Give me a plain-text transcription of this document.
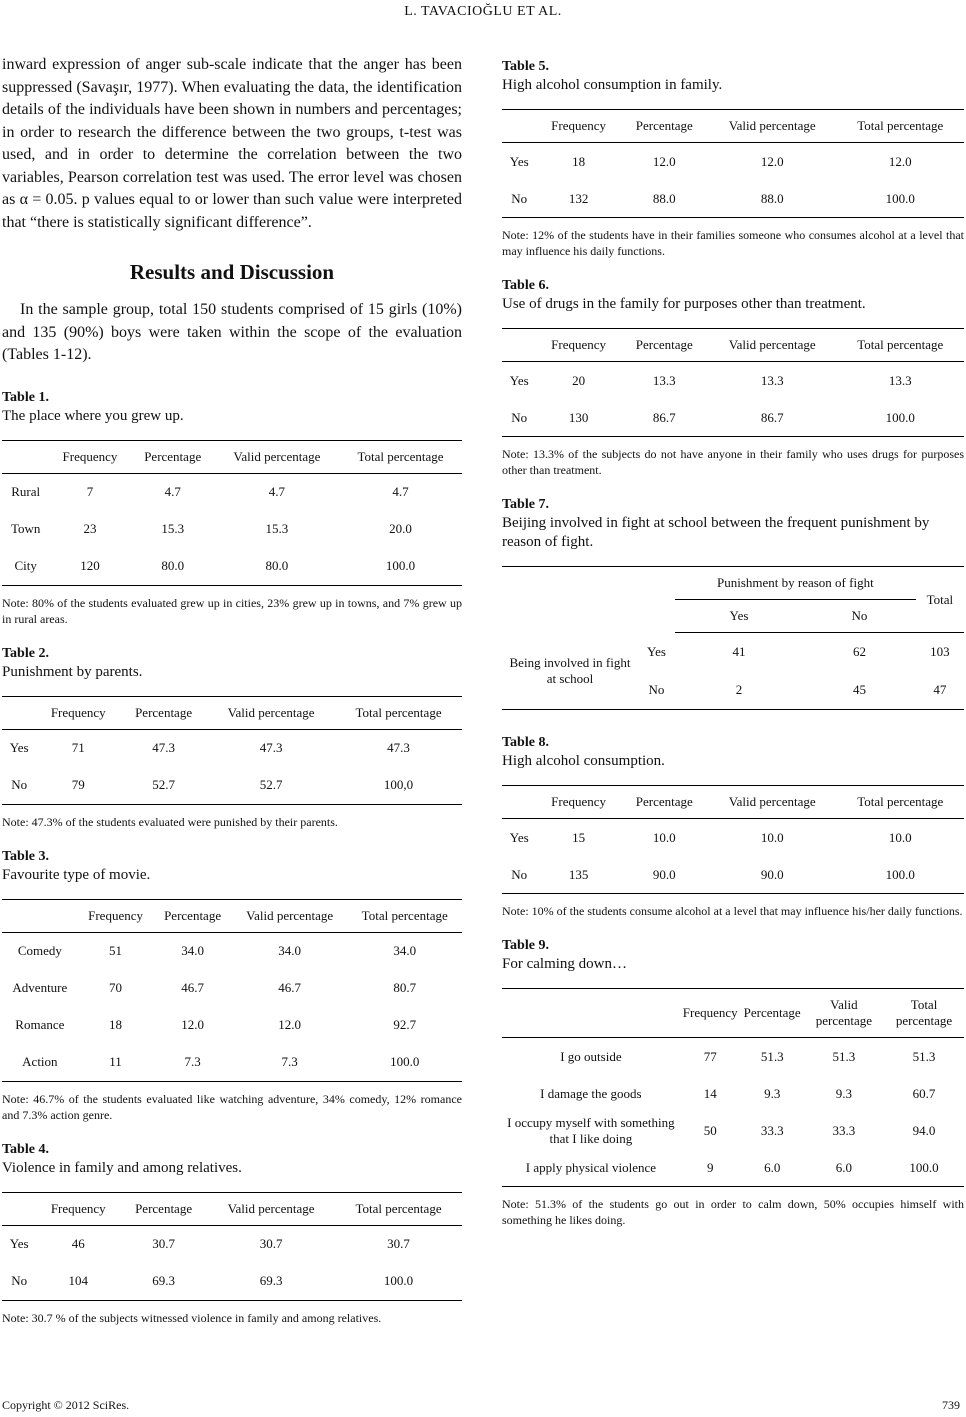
L. TAVACIOĞLU ET AL.

inward expression of anger sub-scale indicate that the anger has been suppressed (Savaşır, 1977). When evaluating the data, the identification details of the individuals have been shown in numbers and percentages; in order to research the difference between the two groups, t-test was used, and in order to determine the correlation between the two variables, Pearson correlation test was used. The error level was chosen as α = 0.05. p values equal to or lower than such value were interpreted that “there is statistically significant difference”.

Results and Discussion

In the sample group, total 150 students comprised of 15 girls (10%) and 135 (90%) boys were taken within the scope of the evaluation (Tables 1-12).

Table 1.
The place where you grew up.
	Frequency	Percentage	Valid percentage	Total percentage
Rural	7	4.7	4.7	4.7
Town	23	15.3	15.3	20.0
City	120	80.0	80.0	100.0
Note: 80% of the students evaluated grew up in cities, 23% grew up in towns, and 7% grew up in rural areas.
Table 2.
Punishment by parents.
	Frequency	Percentage	Valid percentage	Total percentage
Yes	71	47.3	47.3	47.3
No	79	52.7	52.7	100,0
Note: 47.3% of the students evaluated were punished by their parents.
Table 3.
Favourite type of movie.
	Frequency	Percentage	Valid percentage	Total percentage
Comedy	51	34.0	34.0	34.0
Adventure	70	46.7	46.7	80.7
Romance	18	12.0	12.0	92.7
Action	11	7.3	7.3	100.0
Note: 46.7% of the students evaluated like watching adventure, 34% comedy, 12% romance and 7.3% action genre.
Table 4.
Violence in family and among relatives.
	Frequency	Percentage	Valid percentage	Total percentage
Yes	46	30.7	30.7	30.7
No	104	69.3	69.3	100.0
Note: 30.7 % of the subjects witnessed violence in family and among relatives.
Table 5.
High alcohol consumption in family.
	Frequency	Percentage	Valid percentage	Total percentage
Yes	18	12.0	12.0	12.0
No	132	88.0	88.0	100.0
Note: 12% of the students have in their families someone who consumes alcohol at a level that may influence his daily functions.
Table 6.
Use of drugs in the family for purposes other than treatment.
	Frequency	Percentage	Valid percentage	Total percentage
Yes	20	13.3	13.3	13.3
No	130	86.7	86.7	100.0
Note: 13.3% of the subjects do not have anyone in their family who uses drugs for purposes other than treatment.
Table 7.
Beijing involved in fight at school between the frequent punishment by reason of fight.
		Punishment by reason of fight		Total
		Yes	No	
Being involved in fight at school	Yes	41	62	103
	No	2	45	47
Table 8.
High alcohol consumption.
	Frequency	Percentage	Valid percentage	Total percentage
Yes	15	10.0	10.0	10.0
No	135	90.0	90.0	100.0
Note: 10% of the students consume alcohol at a level that may influence his/her daily functions.
Table 9.
For calming down…
	Frequency	Percentage	Valid percentage	Total percentage
I go outside	77	51.3	51.3	51.3
I damage the goods	14	9.3	9.3	60.7
I occupy myself with something that I like doing	50	33.3	33.3	94.0
I apply physical violence	9	6.0	6.0	100.0
Note: 51.3% of the students go out in order to calm down, 50% occupies himself with something he likes doing.
Copyright © 2012 SciRes.	739
